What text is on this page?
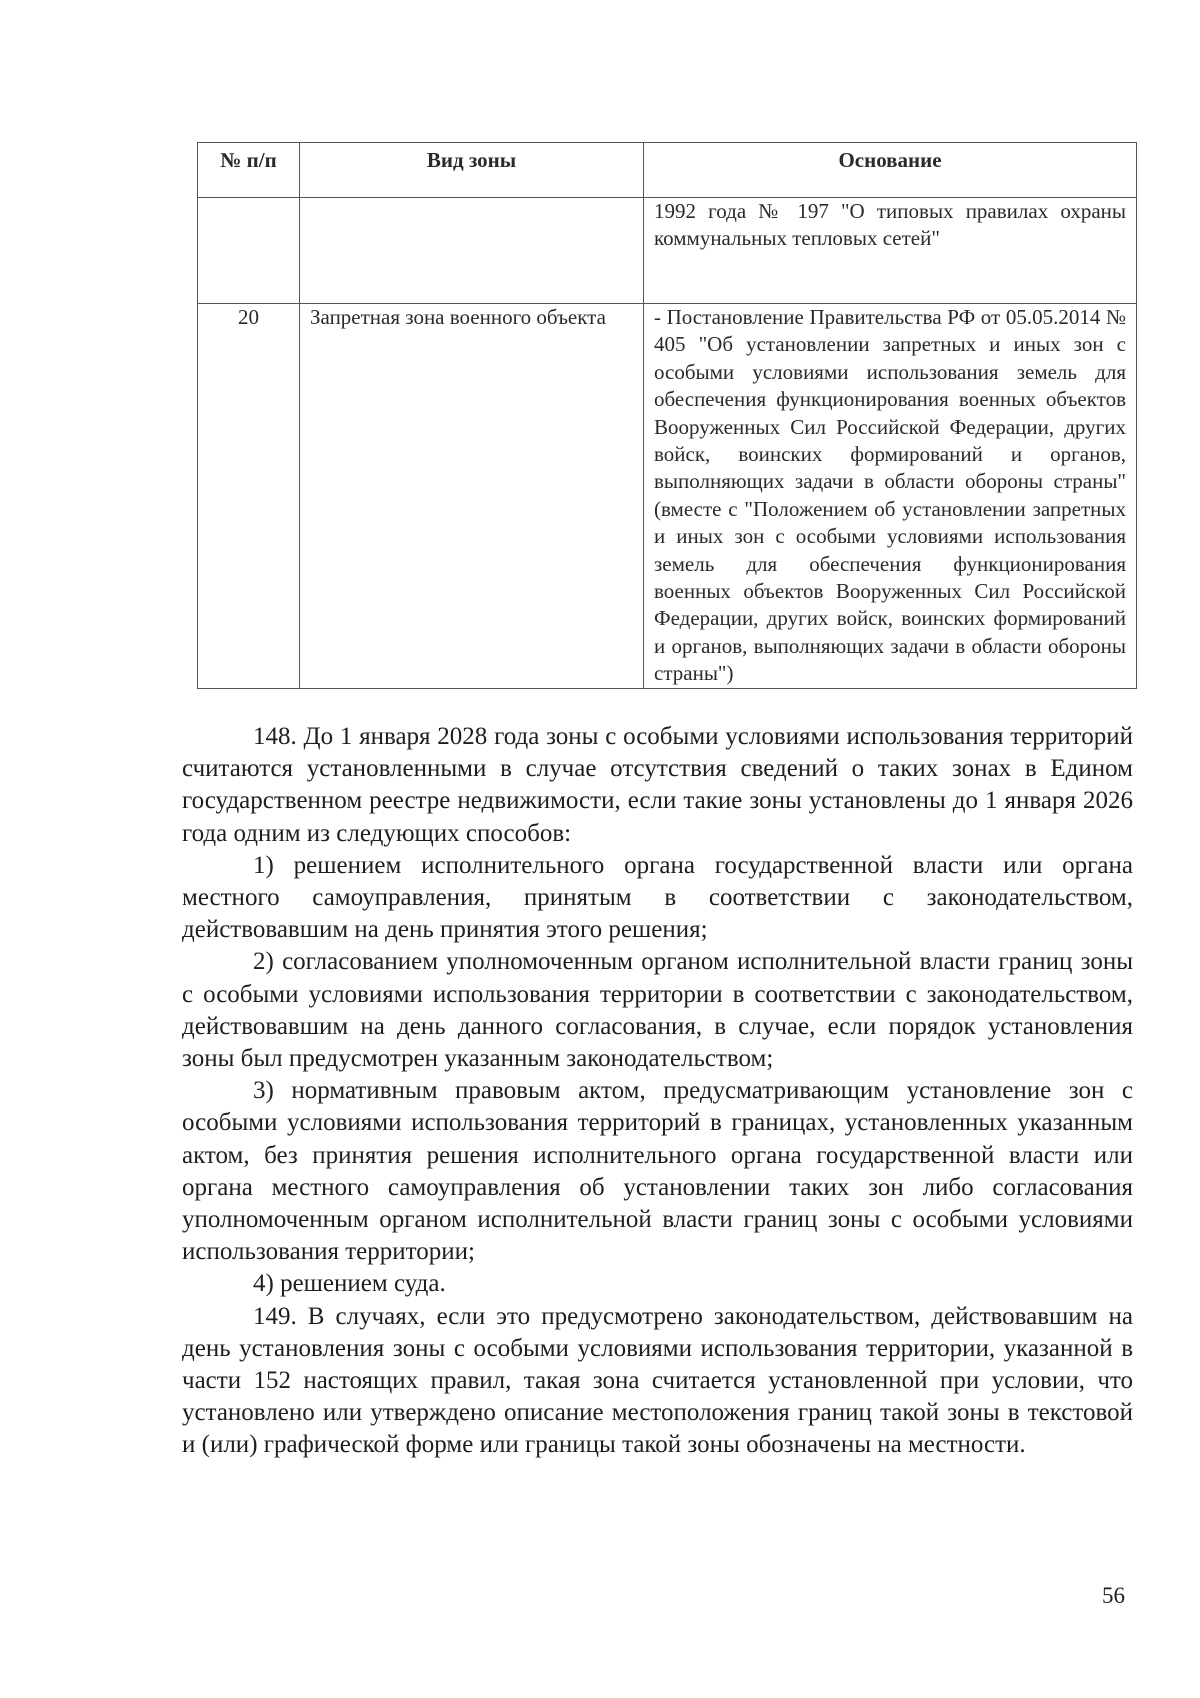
№ п/п	Вид зоны	Основание
		1992 года № 197 "О типовых правилах охраны коммунальных тепловых сетей"
20	Запретная зона военного объекта	- Постановление Правительства РФ от 05.05.2014 № 405 "Об установлении запретных и иных зон с особыми условиями использования земель для обеспечения функционирования военных объектов Вооруженных Сил Российской Федерации, других войск, воинских формирований и органов, выполняющих задачи в области обороны страны" (вместе с "Положением об установлении запретных и иных зон с особыми условиями использования земель для обеспечения функционирования военных объектов Вооруженных Сил Российской Федерации, других войск, воинских формирований и органов, выполняющих задачи в области обороны страны")

148. До 1 января 2028 года зоны с особыми условиями использования территорий считаются установленными в случае отсутствия сведений о таких зонах в Едином государственном реестре недвижимости, если такие зоны установлены до 1 января 2026 года одним из следующих способов:

1) решением исполнительного органа государственной власти или органа местного самоуправления, принятым в соответствии с законодательством, действовавшим на день принятия этого решения;

2) согласованием уполномоченным органом исполнительной власти границ зоны с особыми условиями использования территории в соответствии с законодательством, действовавшим на день данного согласования, в случае, если порядок установления зоны был предусмотрен указанным законодательством;

3) нормативным правовым актом, предусматривающим установление зон с особыми условиями использования территорий в границах, установленных указанным актом, без принятия решения исполнительного органа государственной власти или органа местного самоуправления об установлении таких зон либо согласования уполномоченным органом исполнительной власти границ зоны с особыми условиями использования территории;

4) решением суда.

149. В случаях, если это предусмотрено законодательством, действовавшим на день установления зоны с особыми условиями использования территории, указанной в части 152 настоящих правил, такая зона считается установленной при условии, что установлено или утверждено описание местоположения границ такой зоны в текстовой и (или) графической форме или границы такой зоны обозначены на местности.

56
